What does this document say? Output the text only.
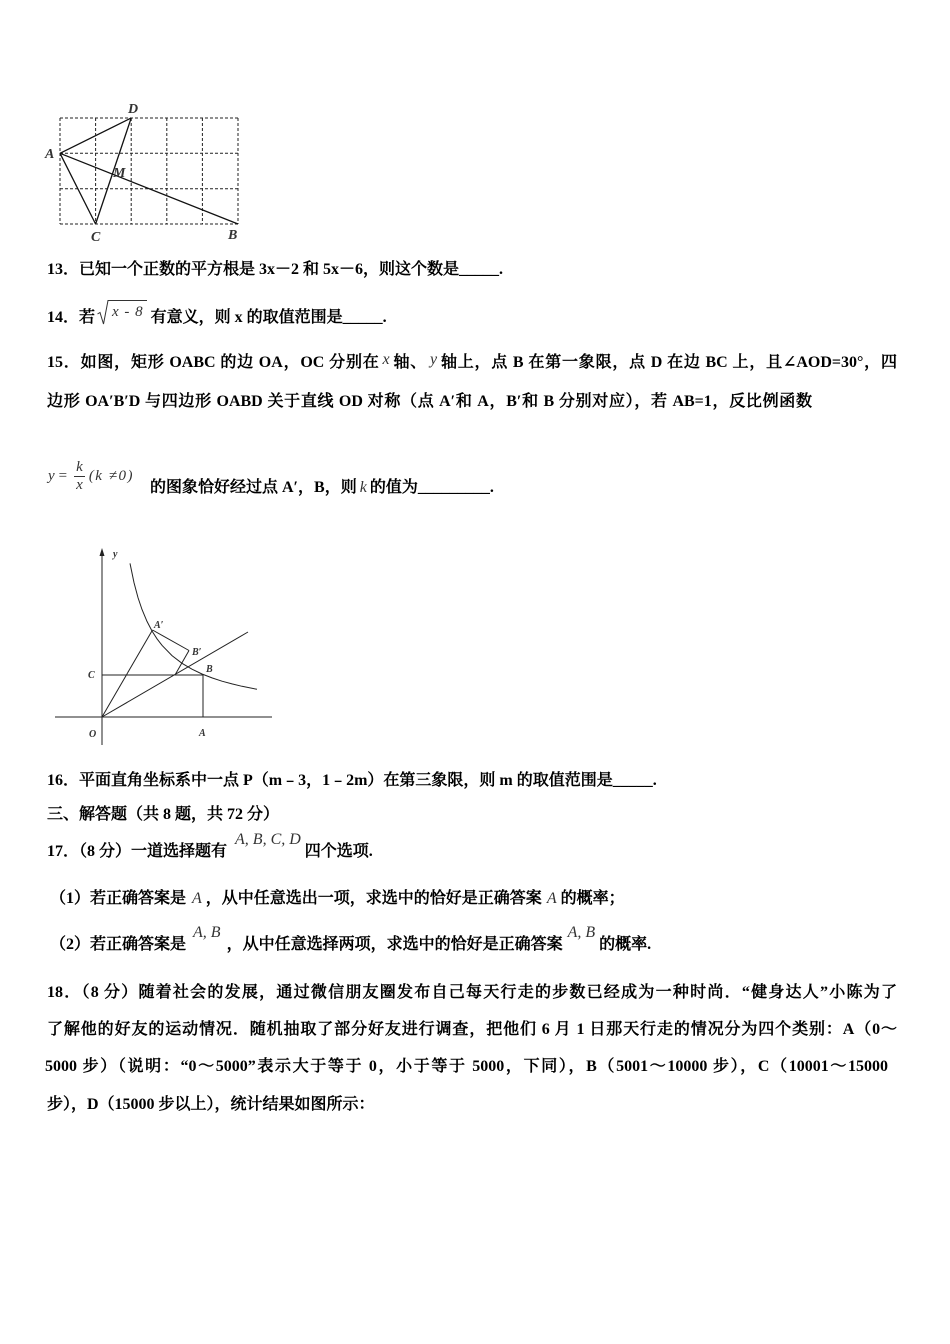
D
A
M
C	B
13．已知一个正数的平方根是 3x－2 和 5x－6，则这个数是_____.
14．若 x - 8 有意义，则 x 的取值范围是_____.
15．如图，矩形 OABC 的边 OA，OC 分别在 x 轴、 y 轴上，点 B 在第一象限，点 D 在边 BC 上，且∠AOD=30°，四
边形 OA′B′D 与四边形 OABD 关于直线 OD 对称（点 A′和 A，B′和 B 分别对应），若 AB=1，反比例函数
$y = \frac{k}{x} (k \ne 0)$
的图象恰好经过点 A′，B，则 k 的值为_________.
y
A′
B′
B
C
O	A
16．平面直角坐标系中一点 P（m﹣3，1﹣2m）在第三象限，则 m 的取值范围是_____.
三、解答题（共 8 题，共 72 分）
17．（8 分）一道选择题有A, B, C, D四个选项.
（1）若正确答案是 A ，从中任意选出一项，求选中的恰好是正确答案 A 的概率；
（2）若正确答案是A, B，从中任意选择两项，求选中的恰好是正确答案A, B的概率.
18．（8 分）随着社会的发展，通过微信朋友圈发布自己每天行走的步数已经成为一种时尚．“健身达人”小陈为了
了解他的好友的运动情况．随机抽取了部分好友进行调查，把他们 6 月 1 日那天行走的情况分为四个类别：A（0～
5000 步）（说明：“0～5000”表示大于等于 0，小于等于 5000，下同），B（5001～10000 步），C（10001～15000
步），D（15000 步以上），统计结果如图所示：
